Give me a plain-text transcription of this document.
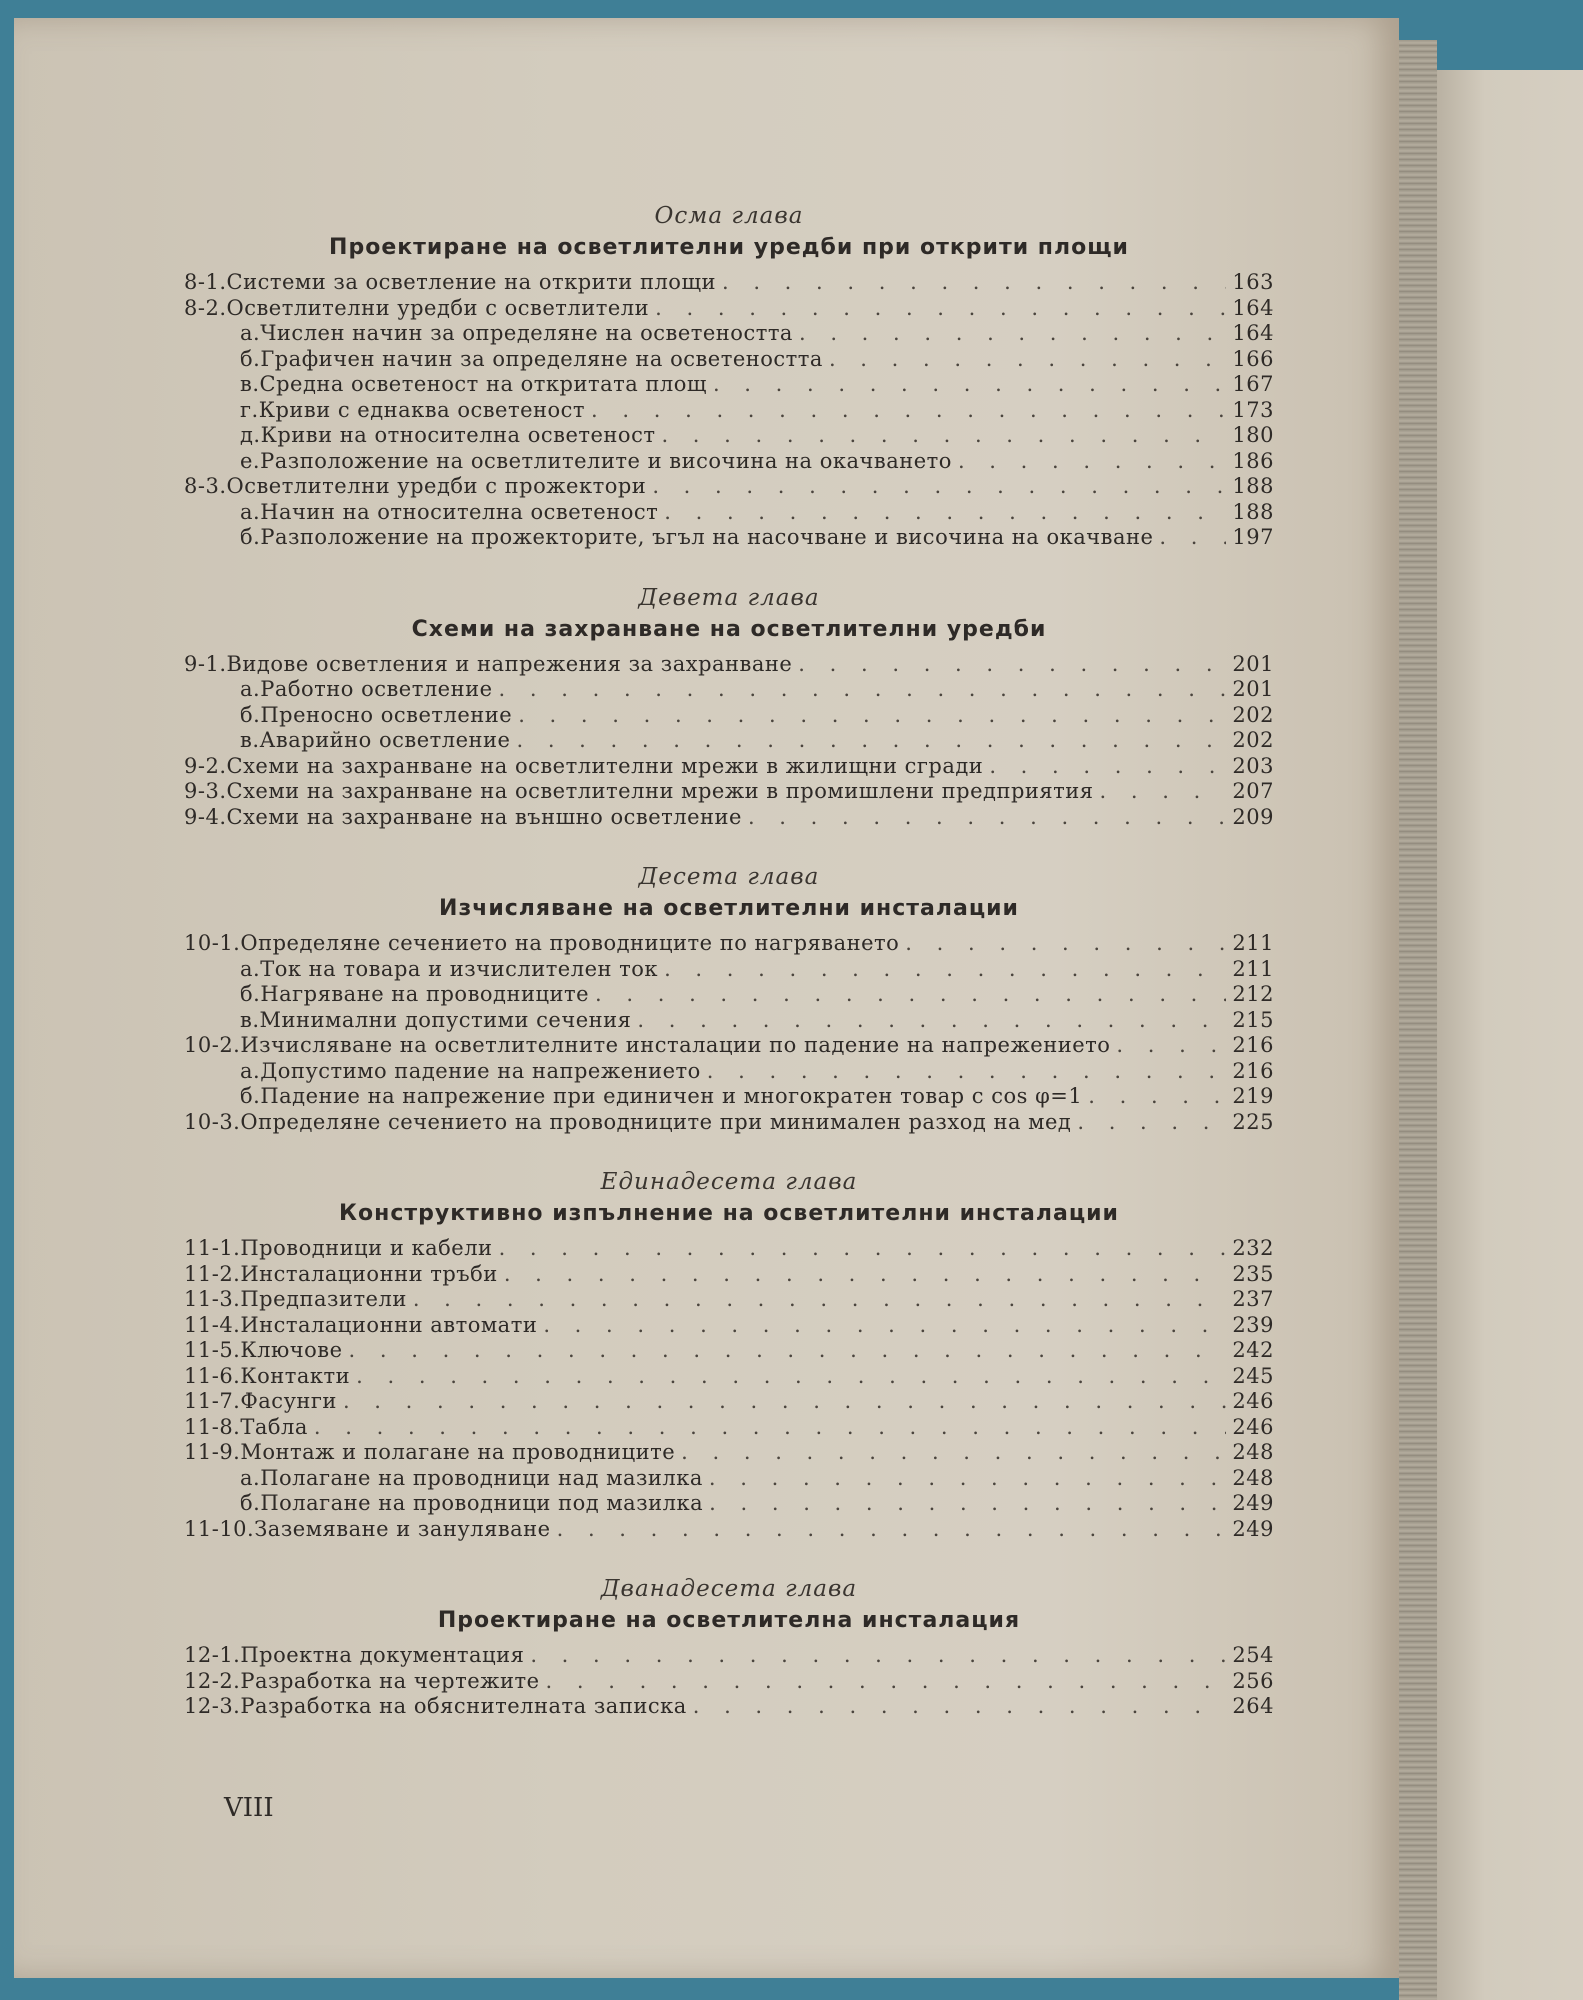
Осма глава
Проектиране на осветлителни уредби при открити площи
8-1. Системи за осветление на открити площи . . .	163
8-2. Осветлителни уредби с осветлители . . .	164
а. Числен начин за определяне на осветеността . . .	164
б. Графичен начин за определяне на осветеността . . .	166
в. Средна осветеност на откритата площ . . .	167
г. Криви с еднаква осветеност . . .	173
д. Криви на относителна осветеност . . .	180
е. Разположение на осветлителите и височина на окачването . . .	186
8-3. Осветлителни уредби с прожектори . . .	188
а. Начин на относителна осветеност . . .	188
б. Разположение на прожекторите, ъгъл на насочване и височина на окачване . . .	197
Девета глава
Схеми на захранване на осветлителни уредби
9-1. Видове осветления и напрежения за захранване . . .	201
а. Работно осветление . . .	201
б. Преносно осветление . . .	202
в. Аварийно осветление . . .	202
9-2. Схеми на захранване на осветлителни мрежи в жилищни сгради . . .	203
9-3. Схеми на захранване на осветлителни мрежи в промишлени предприятия . . .	207
9-4. Схеми на захранване на външно осветление . . .	209
Десета глава
Изчисляване на осветлителни инсталации
10-1. Определяне сечението на проводниците по нагряването . . .	211
а. Ток на товара и изчислителен ток . . .	211
б. Нагряване на проводниците . . .	212
в. Минимални допустими сечения . . .	215
10-2. Изчисляване на осветлителните инсталации по падение на напрежението . . .	216
а. Допустимо падение на напрежението . . .	216
б. Падение на напрежение при единичен и многократен товар с cos φ=1 . . .	219
10-3. Определяне сечението на проводниците при минимален разход на мед . . .	225
Единадесета глава
Конструктивно изпълнение на осветлителни инсталации
11-1. Проводници и кабели . . .	232
11-2. Инсталационни тръби . . .	235
11-3. Предпазители . . .	237
11-4. Инсталационни автомати . . .	239
11-5. Ключове . . .	242
11-6. Контакти . . .	245
11-7. Фасунги . . .	246
11-8. Табла . . .	246
11-9. Монтаж и полагане на проводниците . . .	248
а. Полагане на проводници над мазилка . . .	248
б. Полагане на проводници под мазилка . . .	249
11-10. Заземяване и зануляване . . .	249
Дванадесета глава
Проектиране на осветлителна инсталация
12-1. Проектна документация . . .	254
12-2. Разработка на чертежите . . .	256
12-3. Разработка на обяснителната записка . . .	264
VIII
